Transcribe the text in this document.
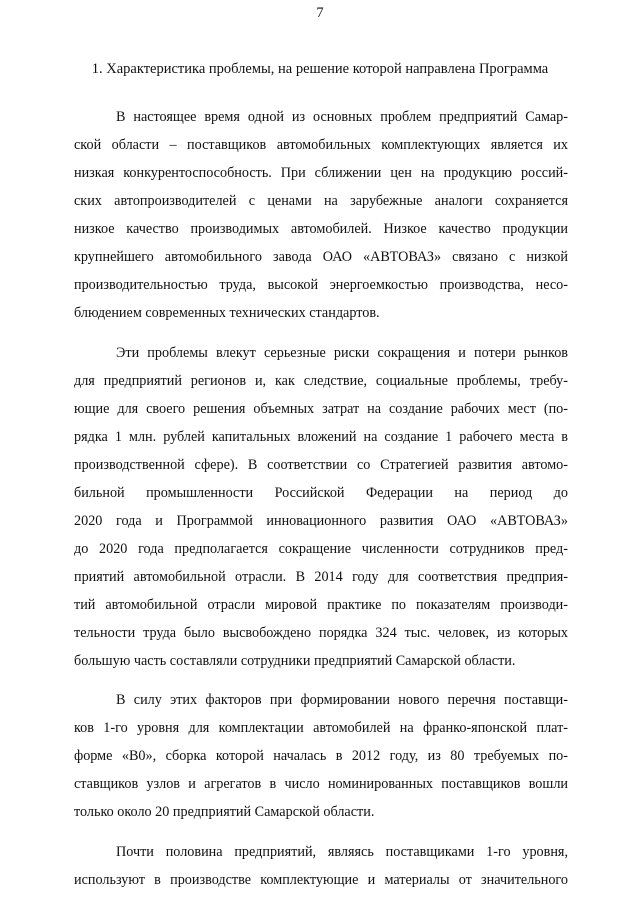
7
1. Характеристика проблемы, на решение которой направлена Программа

В настоящее время одной из основных проблем предприятий Самар-
ской области – поставщиков автомобильных комплектующих является их
низкая конкурентоспособность. При сближении цен на продукцию россий-
ских автопроизводителей с ценами на зарубежные аналоги сохраняется
низкое качество производимых автомобилей. Низкое качество продукции
крупнейшего автомобильного завода ОАО «АВТОВАЗ» связано с низкой
производительностью труда, высокой энергоемкостью производства, несо-
блюдением современных технических стандартов.

Эти проблемы влекут серьезные риски сокращения и потери рынков
для предприятий регионов и, как следствие, социальные проблемы, требу-
ющие для своего решения объемных затрат на создание рабочих мест (по-
рядка 1 млн. рублей капитальных вложений на создание 1 рабочего места в
производственной сфере). В соответствии со Стратегией развития автомо-
бильной промышленности Российской Федерации на период до
2020 года и Программой инновационного развития ОАО «АВТОВАЗ»
до 2020 года предполагается сокращение численности сотрудников пред-
приятий автомобильной отрасли. В 2014 году для соответствия предприя-
тий автомобильной отрасли мировой практике по показателям производи-
тельности труда было высвобождено порядка 324 тыс. человек, из которых
большую часть составляли сотрудники предприятий Самарской области.

В силу этих факторов при формировании нового перечня поставщи-
ков 1-го уровня для комплектации автомобилей на франко-японской плат-
форме «B0», сборка которой началась в 2012 году, из 80 требуемых по-
ставщиков узлов и агрегатов в число номинированных поставщиков вошли
только около 20 предприятий Самарской области.

Почти половина предприятий, являясь поставщиками 1-го уровня,
используют в производстве комплектующие и материалы от значительного
